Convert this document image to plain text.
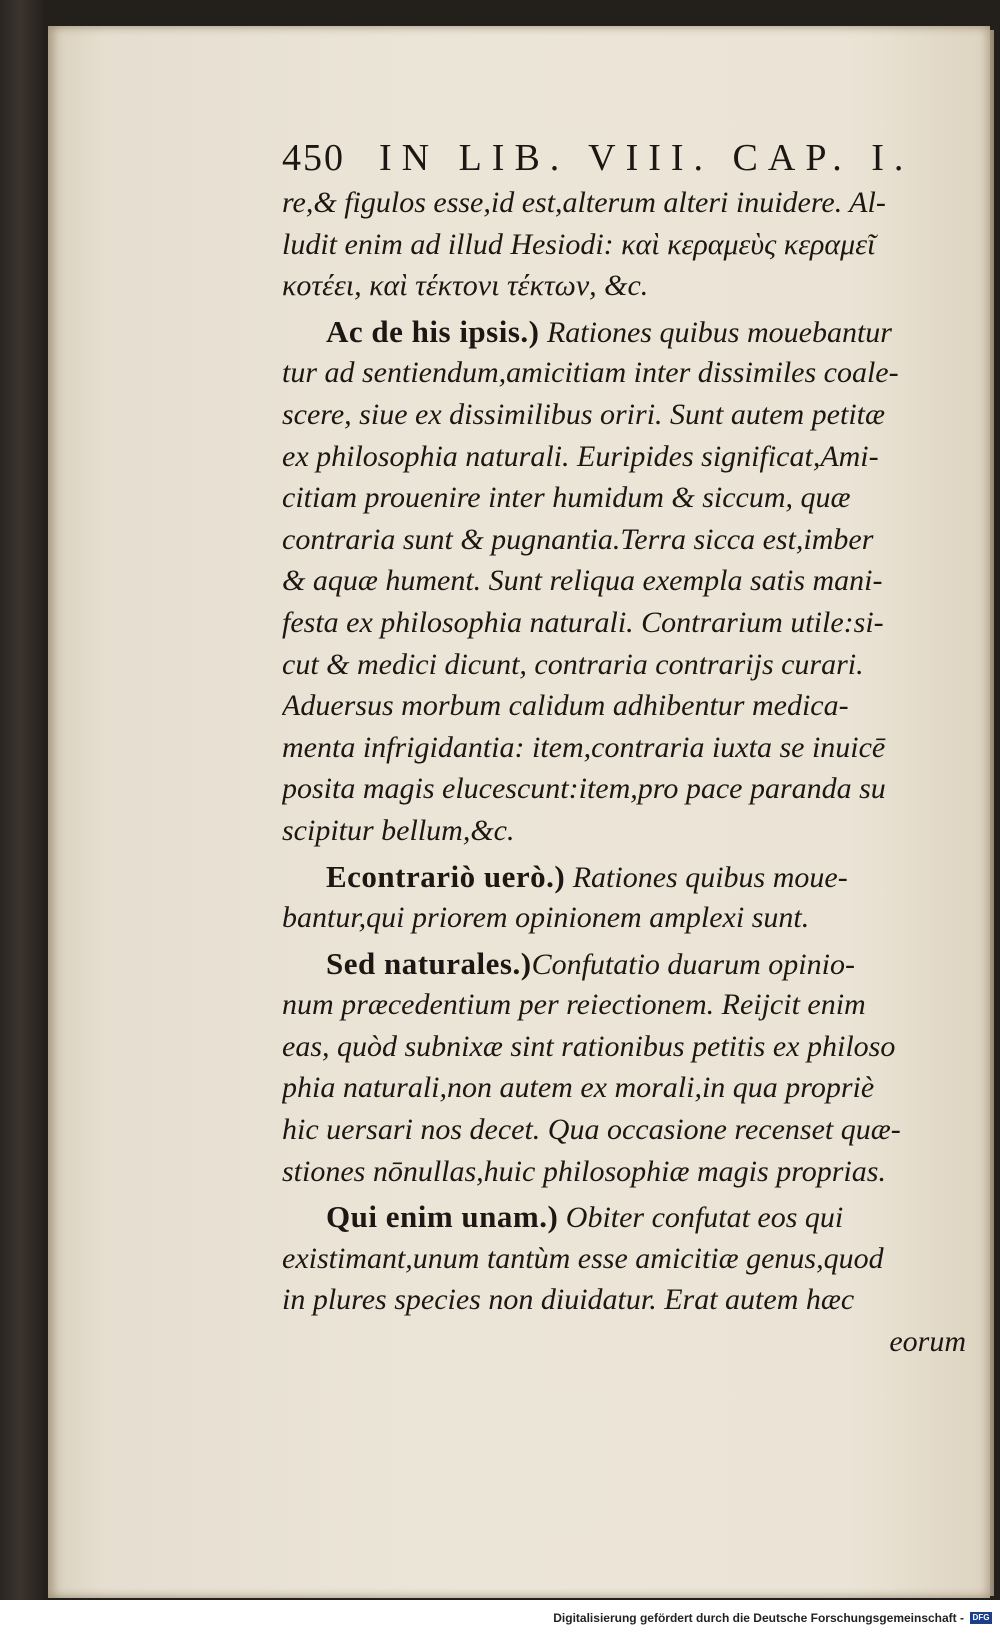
450 IN LIB. VIII. CAP. I.
re,& figulos esse,id est,alterum alteri inuidere. Al-
ludit enim ad illud Hesiodi: καὶ κεραμεὺς κεραμεῖ
κοτέει, καὶ τέκτονι τέκτων, &c.
Ac de his ipsis.) Rationes quibus mouebantur
tur ad sentiendum,amicitiam inter dissimiles coale-
scere, siue ex dissimilibus oriri. Sunt autem petitæ
ex philosophia naturali. Euripides significat,Ami-
citiam prouenire inter humidum & siccum, quæ
contraria sunt & pugnantia.Terra sicca est,imber
& aquæ hument. Sunt reliqua exempla satis mani-
festa ex philosophia naturali. Contrarium utile:si-
cut & medici dicunt, contraria contrarijs curari.
Aduersus morbum calidum adhibentur medica-
menta infrigidantia: item,contraria iuxta se inuicē
posita magis elucescunt:item,pro pace paranda su
scipitur bellum,&c.
Econtrariò uerò.) Rationes quibus moue-
bantur,qui priorem opinionem amplexi sunt.
Sed naturales.)Confutatio duarum opinio-
num præcedentium per reiectionem. Reijcit enim
eas, quòd subnixæ sint rationibus petitis ex philoso
phia naturali,non autem ex morali,in qua propriè
hic uersari nos decet. Qua occasione recenset quæ-
stiones nōnullas,huic philosophiæ magis proprias.
Qui enim unam.) Obiter confutat eos qui
existimant,unum tantùm esse amicitiæ genus,quod
in plures species non diuidatur. Erat autem hæc
eorum
Digitalisierung gefördert durch die Deutsche Forschungsgemeinschaft -	DFG
